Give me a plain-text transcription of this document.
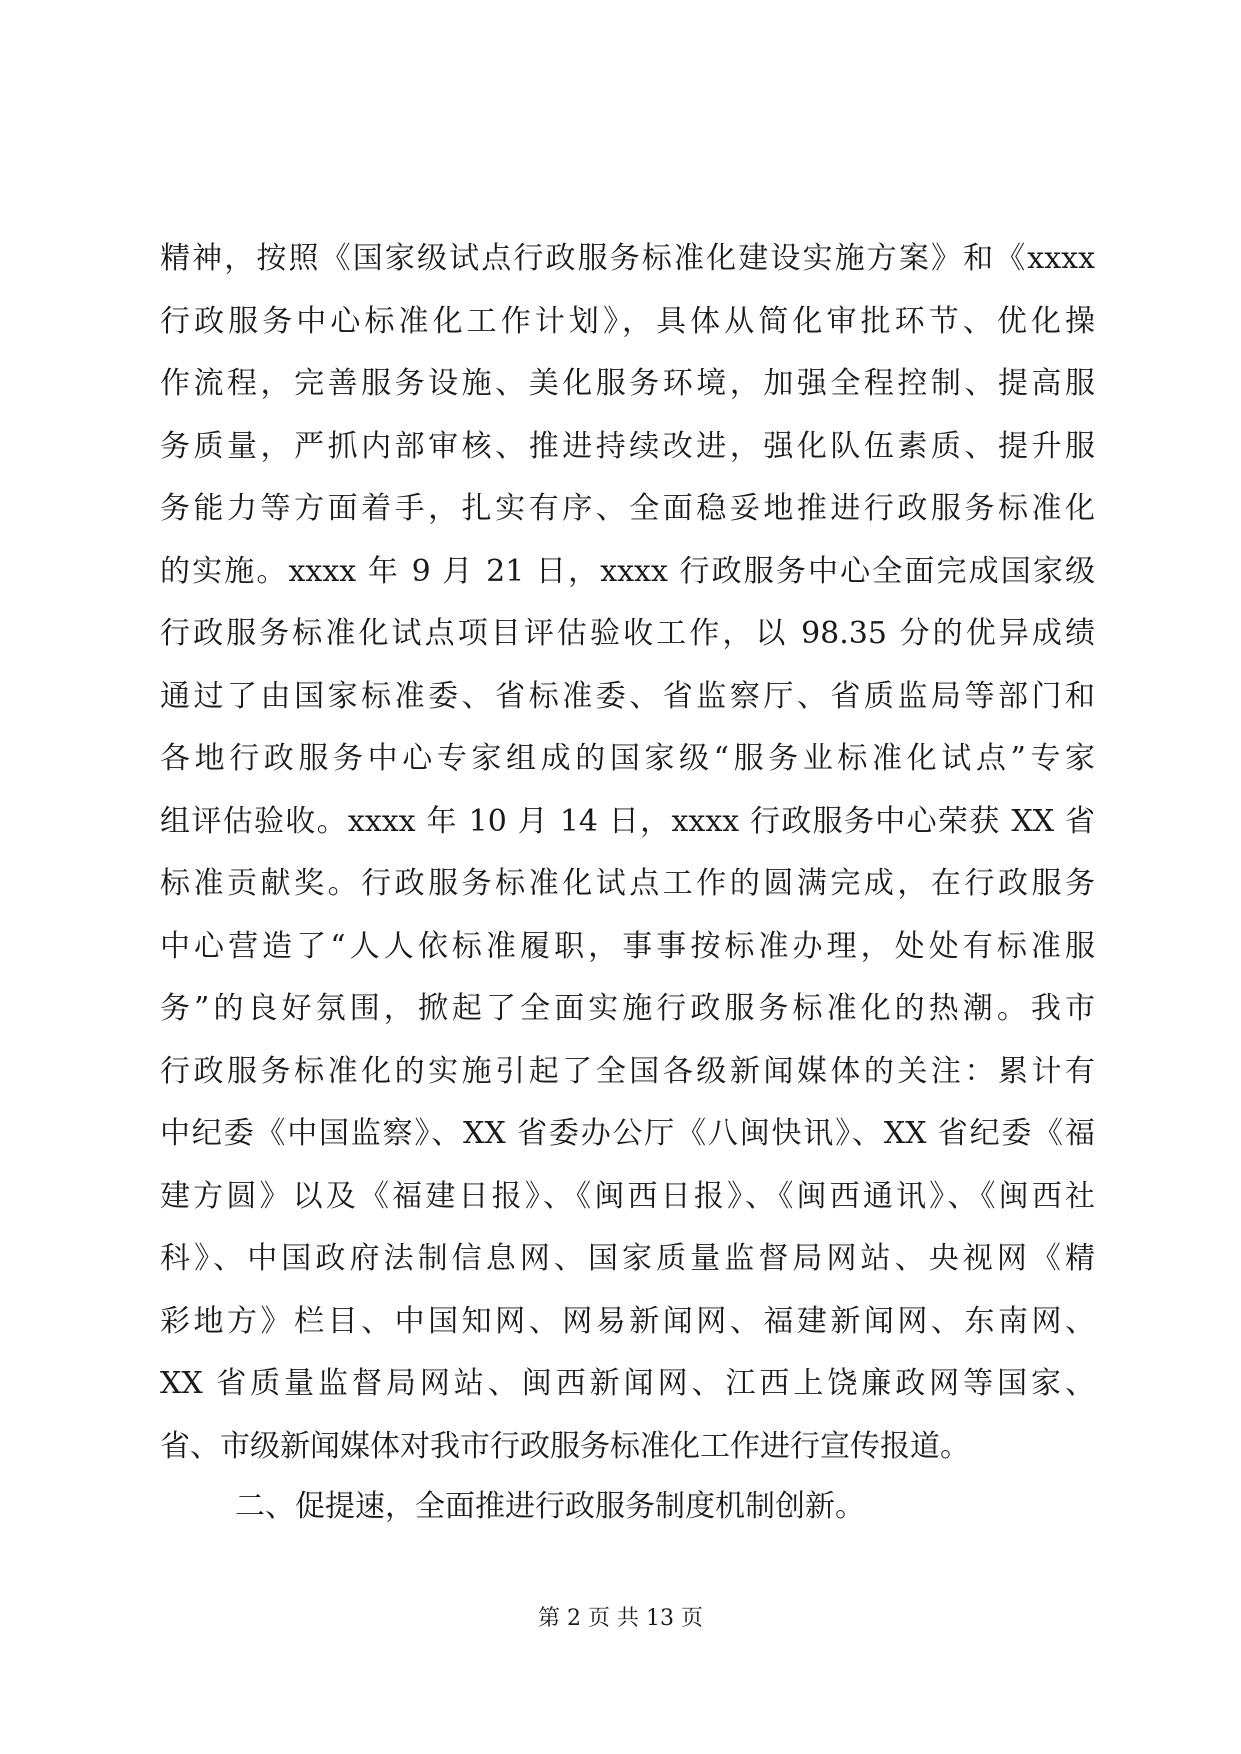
精神，按照《国家级试点行政服务标准化建设实施方案》和《xxxx
行政服务中心标准化工作计划》，具体从简化审批环节、优化操
作流程，完善服务设施、美化服务环境，加强全程控制、提高服
务质量，严抓内部审核、推进持续改进，强化队伍素质、提升服
务能力等方面着手，扎实有序、全面稳妥地推进行政服务标准化
的实施。xxxx 年 9 月 21 日，xxxx 行政服务中心全面完成国家级
行政服务标准化试点项目评估验收工作，以 98.35 分的优异成绩
通过了由国家标准委、省标准委、省监察厅、省质监局等部门和
各地行政服务中心专家组成的国家级“服务业标准化试点”专家
组评估验收。xxxx 年 10 月 14 日，xxxx 行政服务中心荣获 XX 省
标准贡献奖。行政服务标准化试点工作的圆满完成，在行政服务
中心营造了“人人依标准履职，事事按标准办理，处处有标准服
务”的良好氛围，掀起了全面实施行政服务标准化的热潮。我市
行政服务标准化的实施引起了全国各级新闻媒体的关注：累计有
中纪委《中国监察》、XX 省委办公厅《八闽快讯》、XX 省纪委《福
建方圆》以及《福建日报》、《闽西日报》、《闽西通讯》、《闽西社
科》、中国政府法制信息网、国家质量监督局网站、央视网《精
彩地方》栏目、中国知网、网易新闻网、福建新闻网、东南网、
XX 省质量监督局网站、闽西新闻网、江西上饶廉政网等国家、
省、市级新闻媒体对我市行政服务标准化工作进行宣传报道。
二、促提速，全面推进行政服务制度机制创新。
第 2 页 共 13 页
